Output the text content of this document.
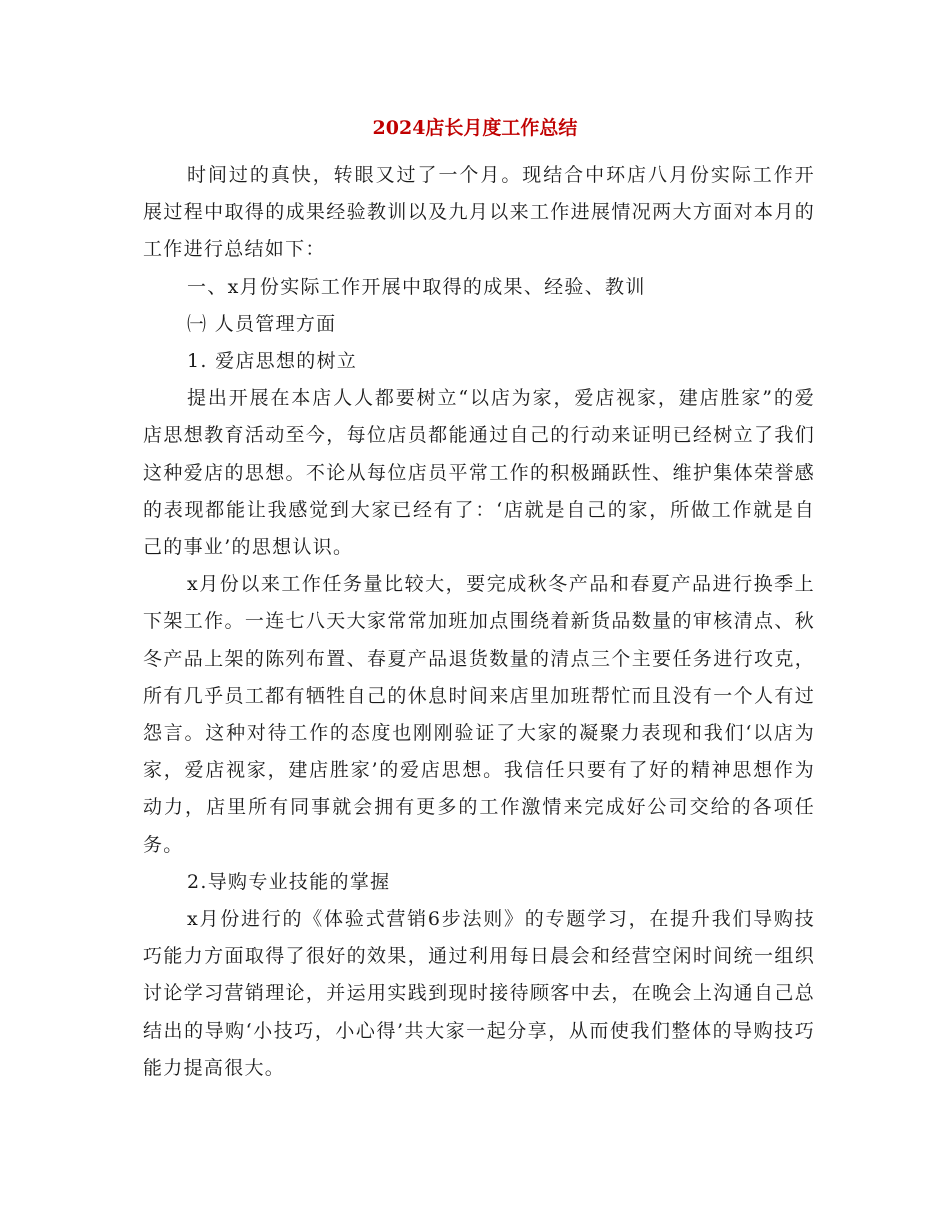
2024店长月度工作总结

时间过的真快，转眼又过了一个月。现结合中环店八月份实际工作开展过程中取得的成果经验教训以及九月以来工作进展情况两大方面对本月的工作进行总结如下：

一、x月份实际工作开展中取得的成果、经验、教训

㈠ 人员管理方面

1. 爱店思想的树立

提出开展在本店人人都要树立“以店为家，爱店视家，建店胜家”的爱店思想教育活动至今，每位店员都能通过自己的行动来证明已经树立了我们这种爱店的思想。不论从每位店员平常工作的积极踊跃性、维护集体荣誉感的表现都能让我感觉到大家已经有了：‘店就是自己的家，所做工作就是自己的事业’的思想认识。

x月份以来工作任务量比较大，要完成秋冬产品和春夏产品进行换季上下架工作。一连七八天大家常常加班加点围绕着新货品数量的审核清点、秋冬产品上架的陈列布置、春夏产品退货数量的清点三个主要任务进行攻克，所有几乎员工都有牺牲自己的休息时间来店里加班帮忙而且没有一个人有过怨言。这种对待工作的态度也刚刚验证了大家的凝聚力表现和我们‘以店为家，爱店视家，建店胜家’的爱店思想。我信任只要有了好的精神思想作为动力，店里所有同事就会拥有更多的工作激情来完成好公司交给的各项任务。

2.导购专业技能的掌握

x月份进行的《体验式营销6步法则》的专题学习，在提升我们导购技巧能力方面取得了很好的效果，通过利用每日晨会和经营空闲时间统一组织讨论学习营销理论，并运用实践到现时接待顾客中去，在晚会上沟通自己总结出的导购‘小技巧，小心得’共大家一起分享，从而使我们整体的导购技巧能力提高很大。
